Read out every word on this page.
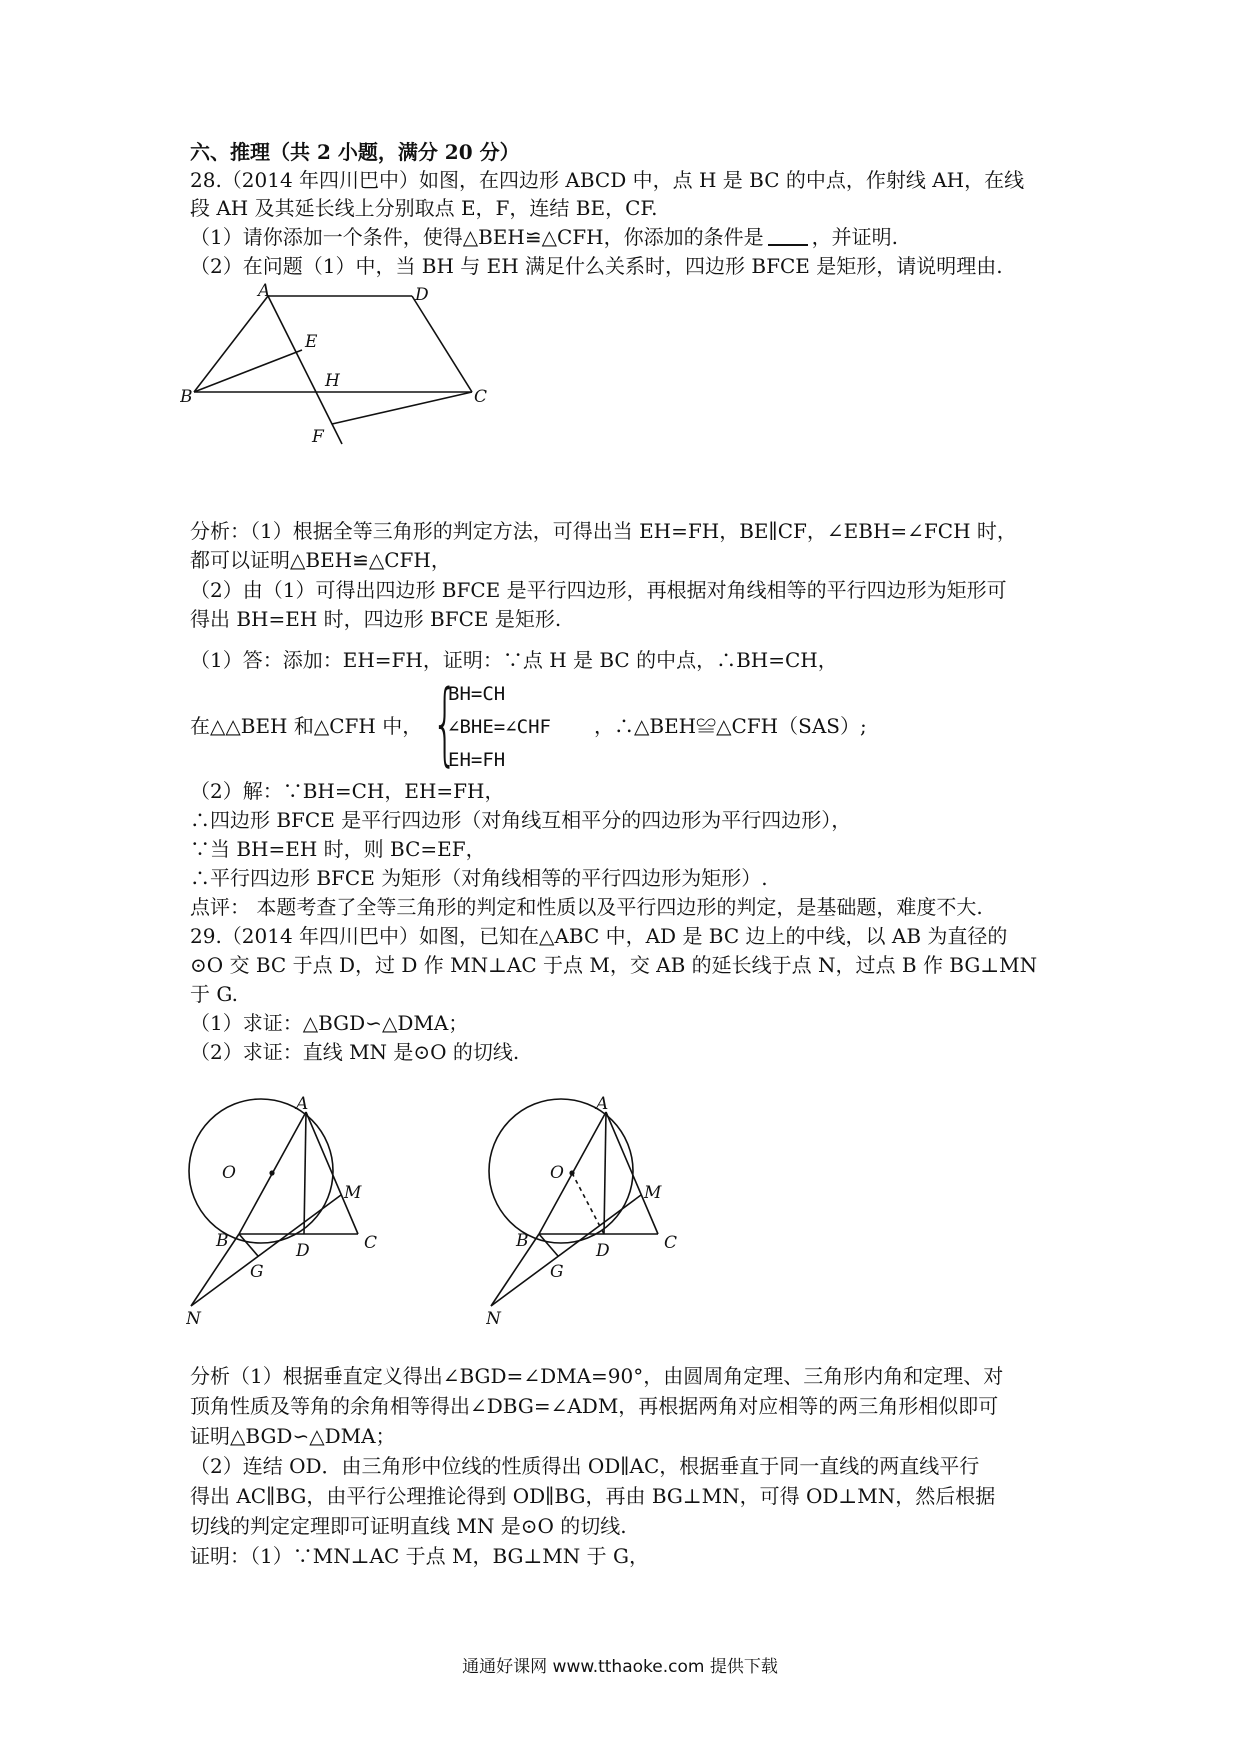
六、推理（共 2 小题，满分 20 分）
28.（2014 年四川巴中）如图，在四边形 ABCD 中，点 H 是 BC 的中点，作射线 AH，在线
段 AH 及其延长线上分别取点 E，F，连结 BE，CF.
（1）请你添加一个条件，使得△BEH≌△CFH，你添加的条件是 ，并证明.
（2）在问题（1）中，当 BH 与 EH 满足什么关系时，四边形 BFCE 是矩形，请说明理由.
A	D
E
H
B	C
F
分析：（1）根据全等三角形的判定方法，可得出当 EH=FH，BE∥CF，∠EBH=∠FCH 时，
都可以证明△BEH≌△CFH，
（2）由（1）可得出四边形 BFCE 是平行四边形，再根据对角线相等的平行四边形为矩形可
得出 BH=EH 时，四边形 BFCE 是矩形.
（1）答：添加：EH=FH，证明：∵点 H 是 BC 的中点，∴BH=CH，
在△△BEH 和△CFH 中， {
BH=CH
∠BHE=∠CHF
EH=FH
，∴△BEH≌△CFH（SAS）;
（2）解：∵BH=CH，EH=FH，
∴四边形 BFCE 是平行四边形（对角线互相平分的四边形为平行四边形），
∵当 BH=EH 时，则 BC=EF，
∴平行四边形 BFCE 为矩形（对角线相等的平行四边形为矩形）.
点评： 本题考查了全等三角形的判定和性质以及平行四边形的判定，是基础题，难度不大.
29.（2014 年四川巴中）如图，已知在△ABC 中，AD 是 BC 边上的中线，以 AB 为直径的
⊙O 交 BC 于点 D，过 D 作 MN⊥AC 于点 M，交 AB 的延长线于点 N，过点 B 作 BG⊥MN
于 G.
（1）求证：△BGD∽△DMA；
（2）求证：直线 MN 是⊙O 的切线.
A
O
M
B	D	C
G
N
A
O
M
B	D	C
G
N
分析（1）根据垂直定义得出∠BGD=∠DMA=90°，由圆周角定理、三角形内角和定理、对
顶角性质及等角的余角相等得出∠DBG=∠ADM，再根据两角对应相等的两三角形相似即可
证明△BGD∽△DMA；
（2）连结 OD．由三角形中位线的性质得出 OD∥AC，根据垂直于同一直线的两直线平行
得出 AC∥BG，由平行公理推论得到 OD∥BG，再由 BG⊥MN，可得 OD⊥MN，然后根据
切线的判定定理即可证明直线 MN 是⊙O 的切线.
证明：（1）∵MN⊥AC 于点 M，BG⊥MN 于 G，
通通好课网 www.tthaoke.com 提供下载
